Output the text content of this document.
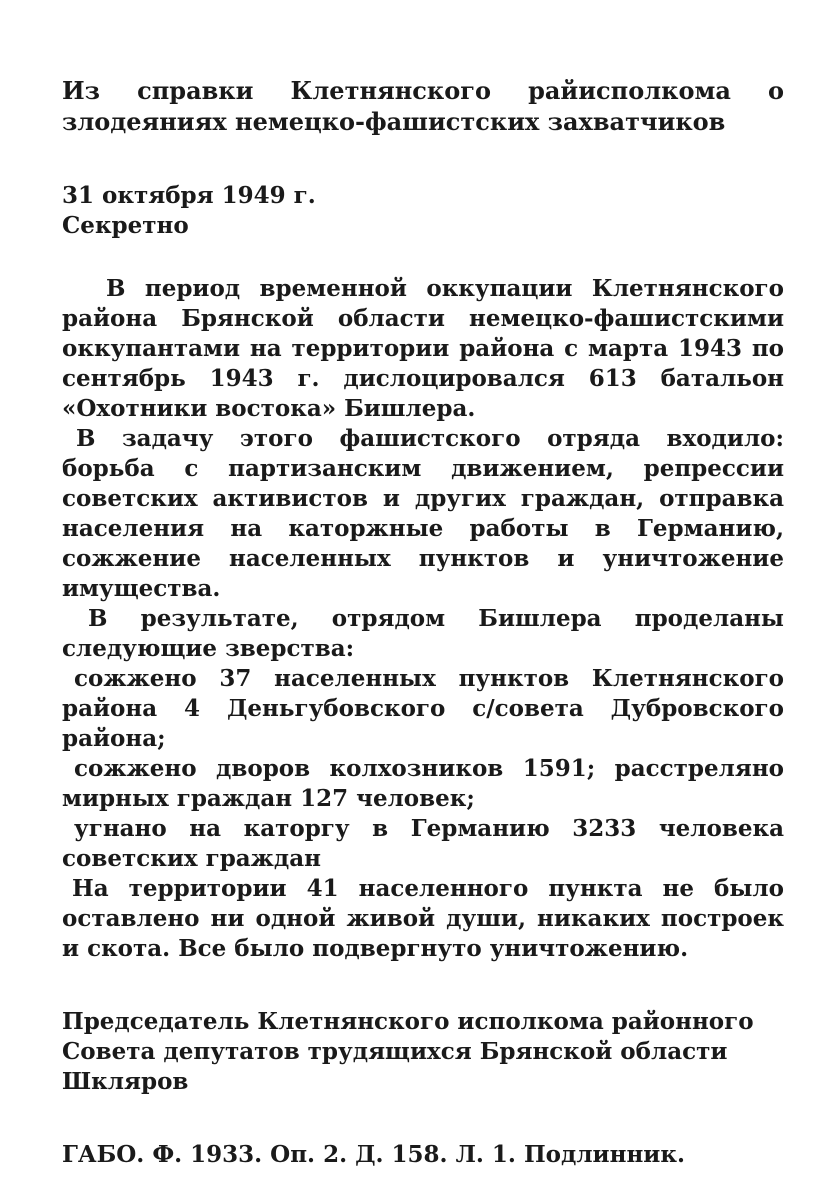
Из справки Клетнянского райисполкома о
злодеяниях немецко-фашистских захватчиков
31 октября 1949 г.
Секретно

В период временной оккупации Клетнянского района Брянской области немецко-фашистскими оккупантами на территории района с марта 1943 по сентябрь 1943 г. дислоцировался 613 батальон «Охотники востока» Бишлера.

В задачу этого фашистского отряда входило: борьба с партизанским движением, репрессии советских активистов и других граждан, отправка населения на каторжные работы в Германию, сожжение населенных пунктов и уничтожение имущества.

В результате, отрядом Бишлера проделаны следующие зверства:

сожжено 37 населенных пунктов Клетнянского района 4 Деньгубовского с/совета Дубровского района;

сожжено дворов колхозников 1591; расстреляно мирных граждан 127 человек;

угнано на каторгу в Германию 3233 человека советских граждан

На территории 41 населенного пункта не было оставлено ни одной живой души, никаких построек и скота. Все было подвергнуто уничтожению.

Председатель Клетнянского исполкома районного
Совета депутатов трудящихся Брянской области
Шкляров
ГАБО. Ф. 1933. Оп. 2. Д. 158. Л. 1. Подлинник.
